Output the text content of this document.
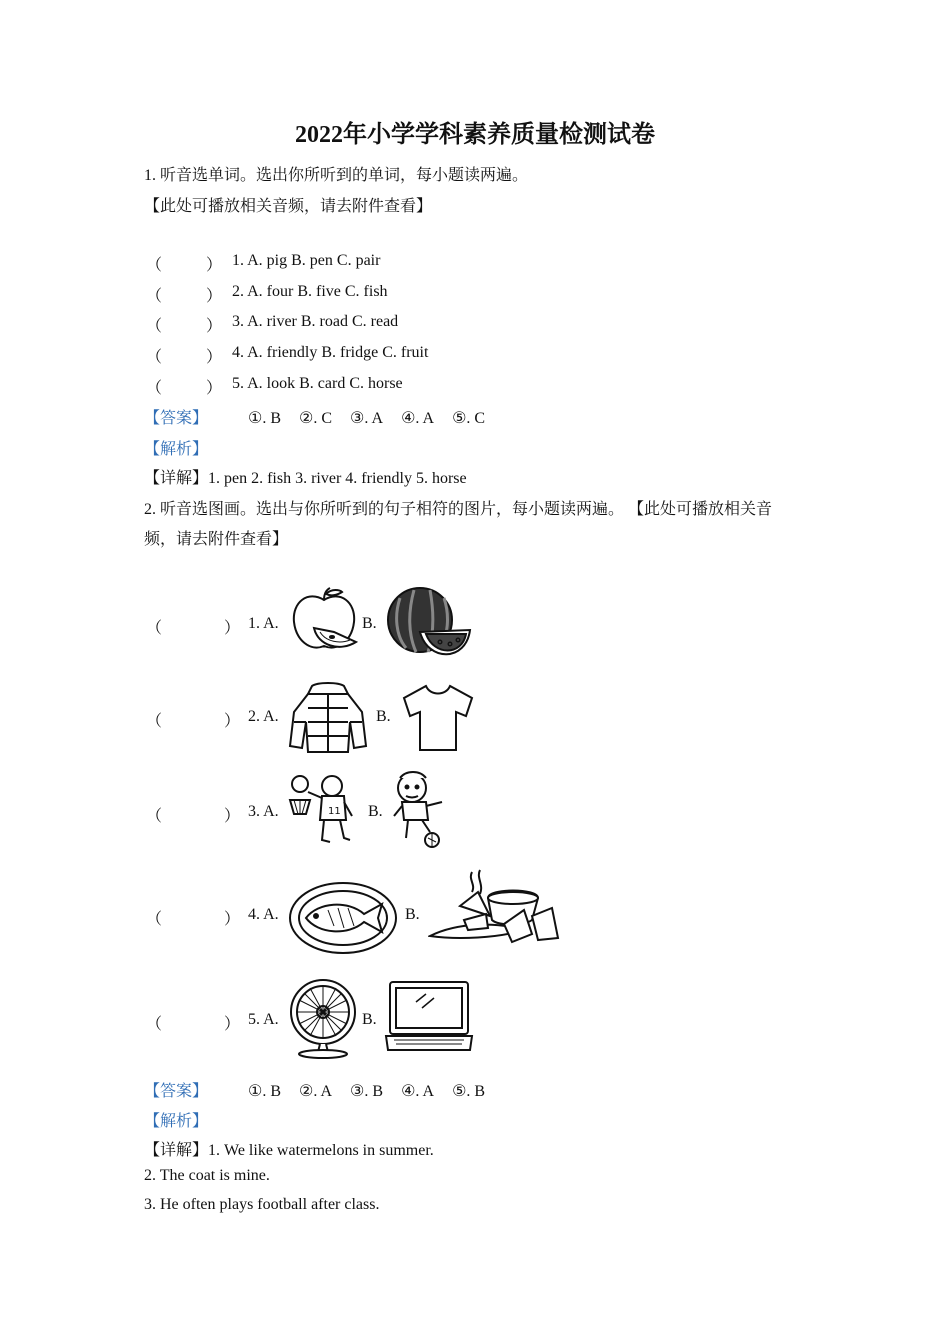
2022年小学学科素养质量检测试卷
1. 听音选单词。选出你所听到的单词，每小题读两遍。
【此处可播放相关音频，请去附件查看】
（	） 1. A. pig B. pen C. pair
（	） 2. A. four B. five C. fish
（	） 3. A. river B. road C. read
（	） 4. A. friendly B. fridge C. fruit
（	） 5. A. look B. card C. horse
【答案】	①. B ②. C ③. A ④. A ⑤. C
【解析】
【详解】1. pen 2. fish 3. river 4. friendly 5. horse
2. 听音选图画。选出与你所听到的句子相符的图片，每小题读两遍。 【此处可播放相关音
频，请去附件查看】
（	） 1. A.	B.
（	） 2. A.	B.
（	） 3. A.	11 B.
（	） 4. A.	B.
（	） 5. A.	B.
【答案】	①. B ②. A ③. B ④. A ⑤. B
【解析】
【详解】1. We like watermelons in summer.
2. The coat is mine.
3. He often plays football after class.
